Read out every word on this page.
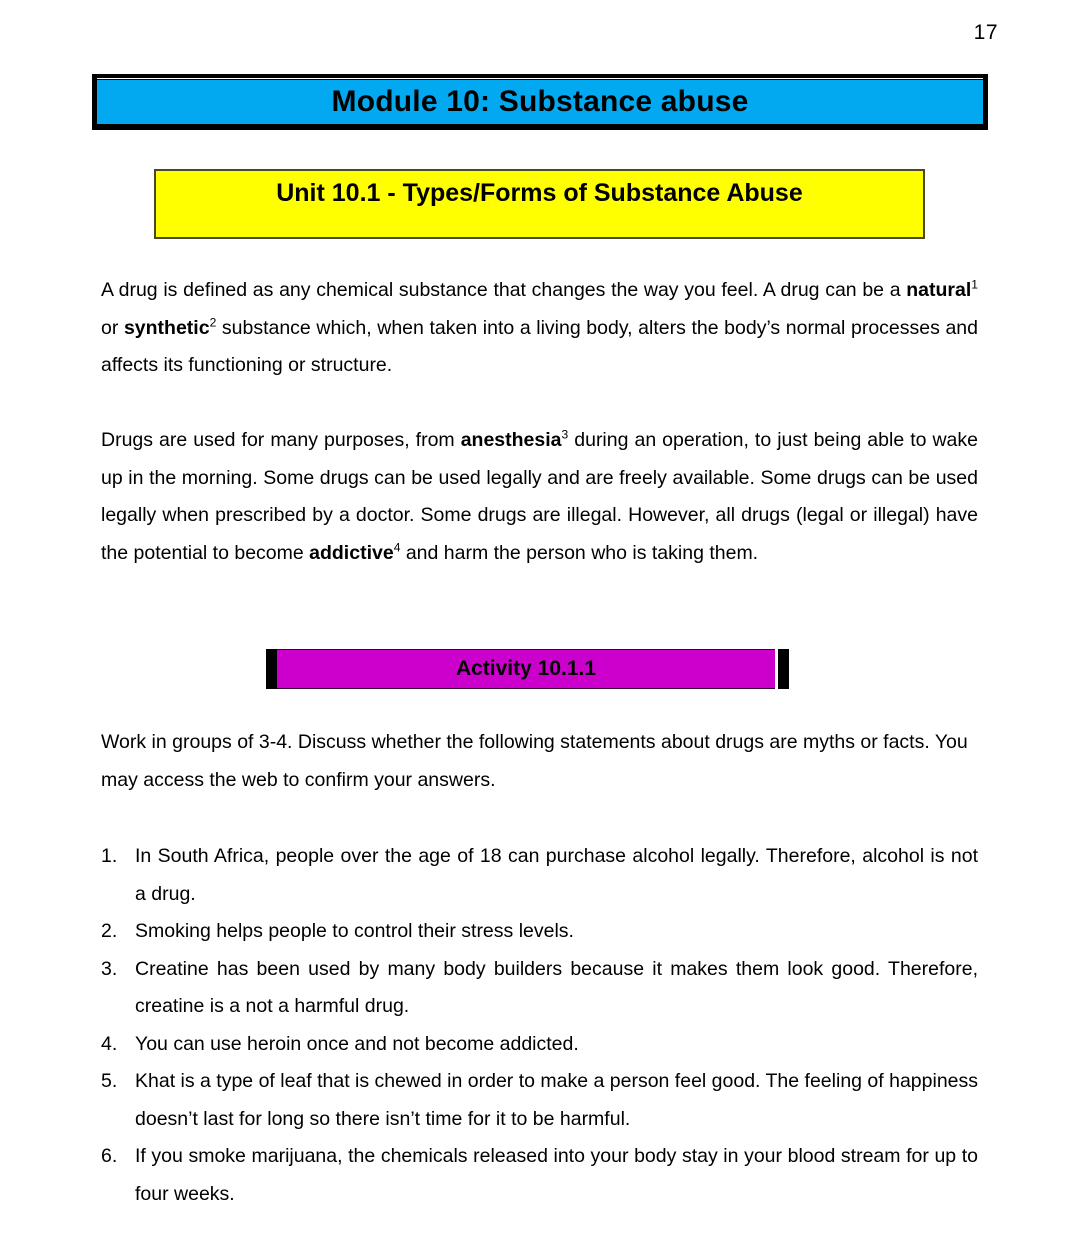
17
Module 10: Substance abuse
Unit 10.1 - Types/Forms of Substance Abuse
A drug is defined as any chemical substance that changes the way you feel. A drug can be a natural$^1$ or synthetic$^2$ substance which, when taken into a living body, alters the body’s normal processes and affects its functioning or structure.
Drugs are used for many purposes, from anesthesia$^3$ during an operation, to just being able to wake up in the morning. Some drugs can be used legally and are freely available. Some drugs can be used legally when prescribed by a doctor. Some drugs are illegal. However, all drugs (legal or illegal) have the potential to become addictive$^4$ and harm the person who is taking them.
Activity 10.1.1
Work in groups of 3-4. Discuss whether the following statements about drugs are myths or facts. You may access the web to confirm your answers.
1. In South Africa, people over the age of 18 can purchase alcohol legally. Therefore, alcohol is not a drug.
2. Smoking helps people to control their stress levels.
3. Creatine has been used by many body builders because it makes them look good. Therefore, creatine is a not a harmful drug.
4. You can use heroin once and not become addicted.
5. Khat is a type of leaf that is chewed in order to make a person feel good. The feeling of happiness doesn’t last for long so there isn’t time for it to be harmful.
6. If you smoke marijuana, the chemicals released into your body stay in your blood stream for up to four weeks.
